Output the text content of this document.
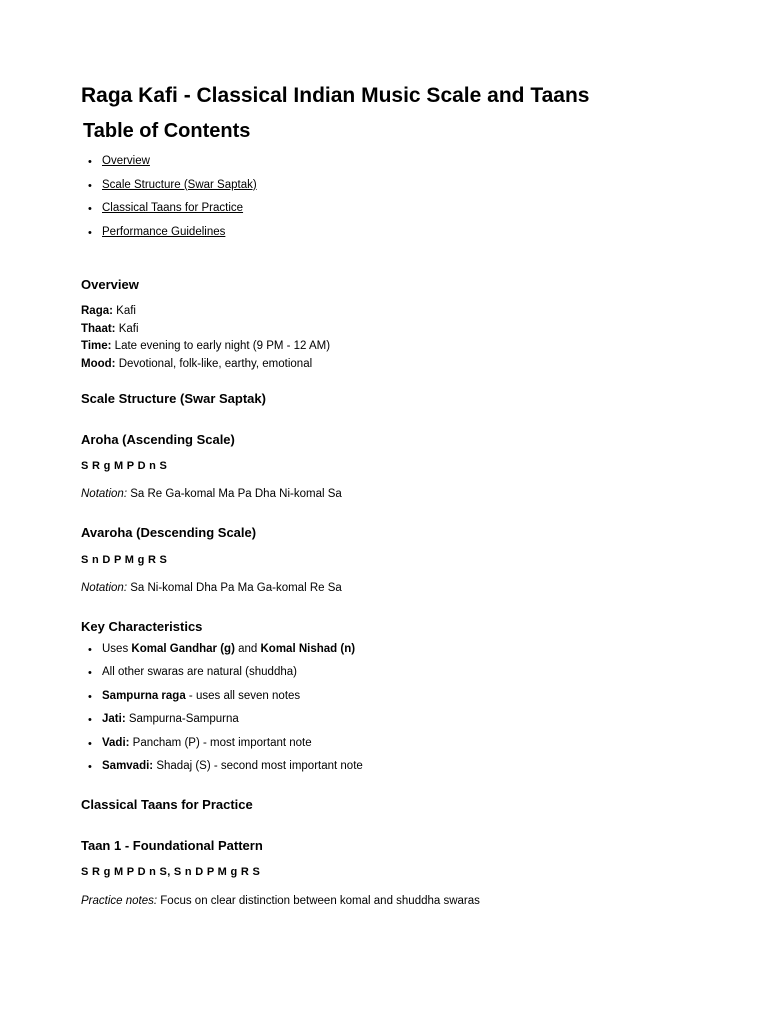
Raga Kafi - Classical Indian Music Scale and Taans
Table of Contents
• Overview
• Scale Structure (Swar Saptak)
• Classical Taans for Practice
• Performance Guidelines
Overview
Raga: Kafi
Thaat: Kafi
Time: Late evening to early night (9 PM - 12 AM)
Mood: Devotional, folk-like, earthy, emotional
Scale Structure (Swar Saptak)
Aroha (Ascending Scale)
S R g M P D n S
Notation: Sa Re Ga-komal Ma Pa Dha Ni-komal Sa
Avaroha (Descending Scale)
S n D P M g R S
Notation: Sa Ni-komal Dha Pa Ma Ga-komal Re Sa
Key Characteristics
• Uses Komal Gandhar (g) and Komal Nishad (n)
• All other swaras are natural (shuddha)
• Sampurna raga - uses all seven notes
• Jati: Sampurna-Sampurna
• Vadi: Pancham (P) - most important note
• Samvadi: Shadaj (S) - second most important note
Classical Taans for Practice
Taan 1 - Foundational Pattern
S R g M P D n S, S n D P M g R S
Practice notes: Focus on clear distinction between komal and shuddha swaras
